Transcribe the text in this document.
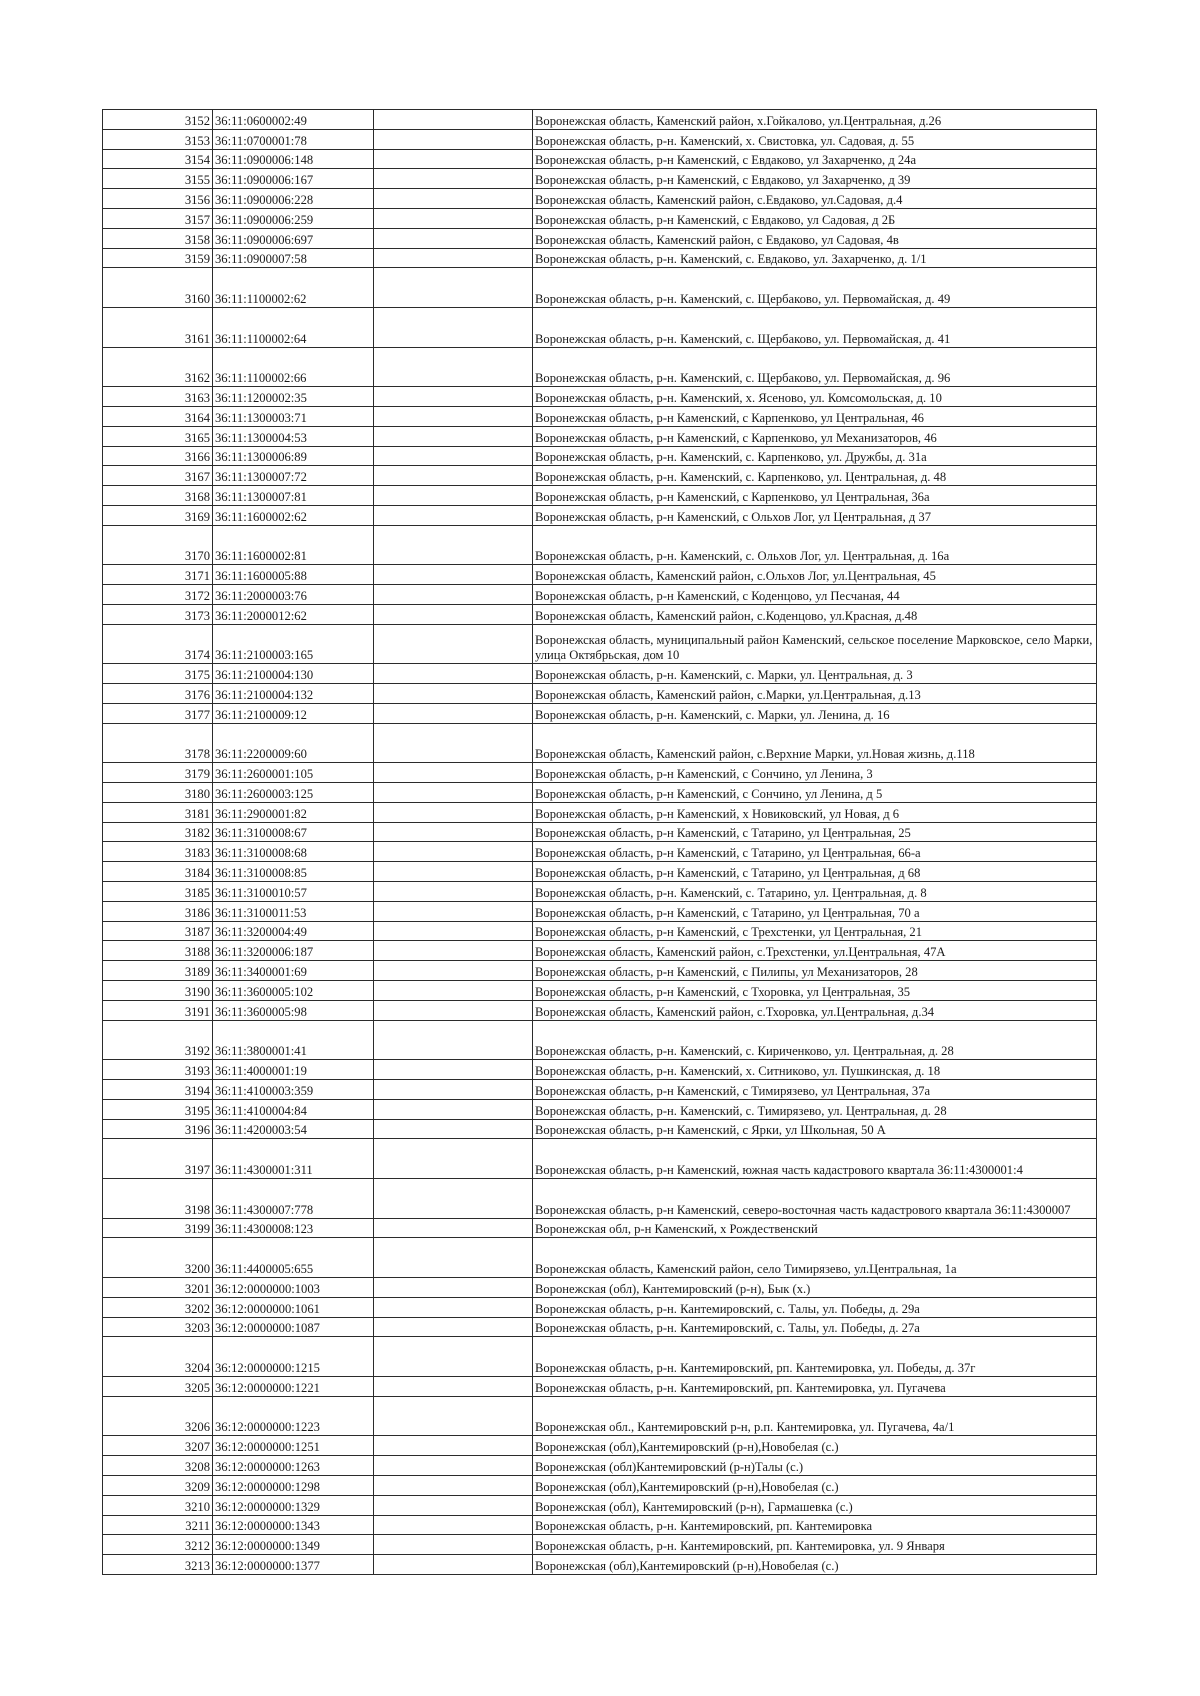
3152	36:11:0600002:49		Воронежская область, Каменский район, х.Гойкалово, ул.Центральная, д.26
3153	36:11:0700001:78		Воронежская область, р-н. Каменский, х. Свистовка, ул. Садовая, д. 55
3154	36:11:0900006:148		Воронежская область, р-н Каменский, с Евдаково, ул Захарченко, д 24а
3155	36:11:0900006:167		Воронежская область, р-н Каменский, с Евдаково, ул Захарченко, д 39
3156	36:11:0900006:228		Воронежская область, Каменский район, с.Евдаково, ул.Садовая, д.4
3157	36:11:0900006:259		Воронежская область, р-н Каменский, с Евдаково, ул Садовая, д 2Б
3158	36:11:0900006:697		Воронежская область, Каменский район, с Евдаково, ул Садовая, 4в
3159	36:11:0900007:58		Воронежская область, р-н. Каменский, с. Евдаково, ул. Захарченко, д. 1/1
3160	36:11:1100002:62		Воронежская область, р-н. Каменский, с. Щербаково, ул. Первомайская, д. 49
3161	36:11:1100002:64		Воронежская область, р-н. Каменский, с. Щербаково, ул. Первомайская, д. 41
3162	36:11:1100002:66		Воронежская область, р-н. Каменский, с. Щербаково, ул. Первомайская, д. 96
3163	36:11:1200002:35		Воронежская область, р-н. Каменский, х. Ясеново, ул. Комсомольская, д. 10
3164	36:11:1300003:71		Воронежская область, р-н Каменский, с Карпенково, ул Центральная, 46
3165	36:11:1300004:53		Воронежская область, р-н Каменский, с Карпенково, ул Механизаторов, 46
3166	36:11:1300006:89		Воронежская область, р-н. Каменский, с. Карпенково, ул. Дружбы, д. 31а
3167	36:11:1300007:72		Воронежская область, р-н. Каменский, с. Карпенково, ул. Центральная, д. 48
3168	36:11:1300007:81		Воронежская область, р-н Каменский, с Карпенково, ул Центральная, 36а
3169	36:11:1600002:62		Воронежская область, р-н Каменский, с Ольхов Лог, ул Центральная, д 37
3170	36:11:1600002:81		Воронежская область, р-н. Каменский, с. Ольхов Лог, ул. Центральная, д. 16а
3171	36:11:1600005:88		Воронежская область, Каменский район, с.Ольхов Лог, ул.Центральная, 45
3172	36:11:2000003:76		Воронежская область, р-н Каменский, с Коденцово, ул Песчаная, 44
3173	36:11:2000012:62		Воронежская область, Каменский район, с.Коденцово, ул.Красная, д.48
3174	36:11:2100003:165		Воронежская область, муниципальный район Каменский, сельское поселение Марковское, село Марки, улица Октябрьская, дом 10
3175	36:11:2100004:130		Воронежская область, р-н. Каменский, с. Марки, ул. Центральная, д. 3
3176	36:11:2100004:132		Воронежская область, Каменский район, с.Марки, ул.Центральная, д.13
3177	36:11:2100009:12		Воронежская область, р-н. Каменский, с. Марки, ул. Ленина, д. 16
3178	36:11:2200009:60		Воронежская область, Каменский район, с.Верхние Марки, ул.Новая жизнь, д.118
3179	36:11:2600001:105		Воронежская область, р-н Каменский, с Сончино, ул Ленина, 3
3180	36:11:2600003:125		Воронежская область, р-н Каменский, с Сончино, ул Ленина, д 5
3181	36:11:2900001:82		Воронежская область, р-н Каменский, х Новиковский, ул Новая, д 6
3182	36:11:3100008:67		Воронежская область, р-н Каменский, с Татарино, ул Центральная, 25
3183	36:11:3100008:68		Воронежская область, р-н Каменский, с Татарино, ул Центральная, 66-а
3184	36:11:3100008:85		Воронежская область, р-н Каменский, с Татарино, ул Центральная, д 68
3185	36:11:3100010:57		Воронежская область, р-н. Каменский, с. Татарино, ул. Центральная, д. 8
3186	36:11:3100011:53		Воронежская область, р-н Каменский, с Татарино, ул Центральная, 70 а
3187	36:11:3200004:49		Воронежская область, р-н Каменский, с Трехстенки, ул Центральная, 21
3188	36:11:3200006:187		Воронежская область, Каменский район, с.Трехстенки, ул.Центральная, 47А
3189	36:11:3400001:69		Воронежская область, р-н Каменский, с Пилипы, ул Механизаторов, 28
3190	36:11:3600005:102		Воронежская область, р-н Каменский, с Тхоровка, ул Центральная, 35
3191	36:11:3600005:98		Воронежская область, Каменский район, с.Тхоровка, ул.Центральная, д.34
3192	36:11:3800001:41		Воронежская область, р-н. Каменский, с. Кириченково, ул. Центральная, д. 28
3193	36:11:4000001:19		Воронежская область, р-н. Каменский, х. Ситниково, ул. Пушкинская, д. 18
3194	36:11:4100003:359		Воронежская область, р-н Каменский, с Тимирязево, ул Центральная, 37а
3195	36:11:4100004:84		Воронежская область, р-н. Каменский, с. Тимирязево, ул. Центральная, д. 28
3196	36:11:4200003:54		Воронежская область, р-н Каменский, с Ярки, ул Школьная, 50 А
3197	36:11:4300001:311		Воронежская область, р-н Каменский, южная часть кадастрового квартала 36:11:4300001:4
3198	36:11:4300007:778		Воронежская область, р-н Каменский, северо-восточная часть кадастрового квартала 36:11:4300007
3199	36:11:4300008:123		Воронежская обл, р-н Каменский, х Рождественский
3200	36:11:4400005:655		Воронежская область, Каменский район, село Тимирязево, ул.Центральная, 1а
3201	36:12:0000000:1003		Воронежская (обл), Кантемировский (р-н), Бык (х.)
3202	36:12:0000000:1061		Воронежская область, р-н. Кантемировский, с. Талы, ул. Победы, д. 29а
3203	36:12:0000000:1087		Воронежская область, р-н. Кантемировский, с. Талы, ул. Победы, д. 27а
3204	36:12:0000000:1215		Воронежская область, р-н. Кантемировский, рп. Кантемировка, ул. Победы, д. 37г
3205	36:12:0000000:1221		Воронежская область, р-н. Кантемировский, рп. Кантемировка, ул. Пугачева
3206	36:12:0000000:1223		Воронежская обл., Кантемировский р-н, р.п. Кантемировка, ул. Пугачева, 4а/1
3207	36:12:0000000:1251		Воронежская (обл),Кантемировский (р-н),Новобелая (с.)
3208	36:12:0000000:1263		Воронежская (обл)Кантемировский (р-н)Талы (с.)
3209	36:12:0000000:1298		Воронежская (обл),Кантемировский (р-н),Новобелая (с.)
3210	36:12:0000000:1329		Воронежская (обл), Кантемировский (р-н), Гармашевка (с.)
3211	36:12:0000000:1343		Воронежская область, р-н. Кантемировский, рп. Кантемировка
3212	36:12:0000000:1349		Воронежская область, р-н. Кантемировский, рп. Кантемировка, ул. 9 Января
3213	36:12:0000000:1377		Воронежская (обл),Кантемировский (р-н),Новобелая (с.)
